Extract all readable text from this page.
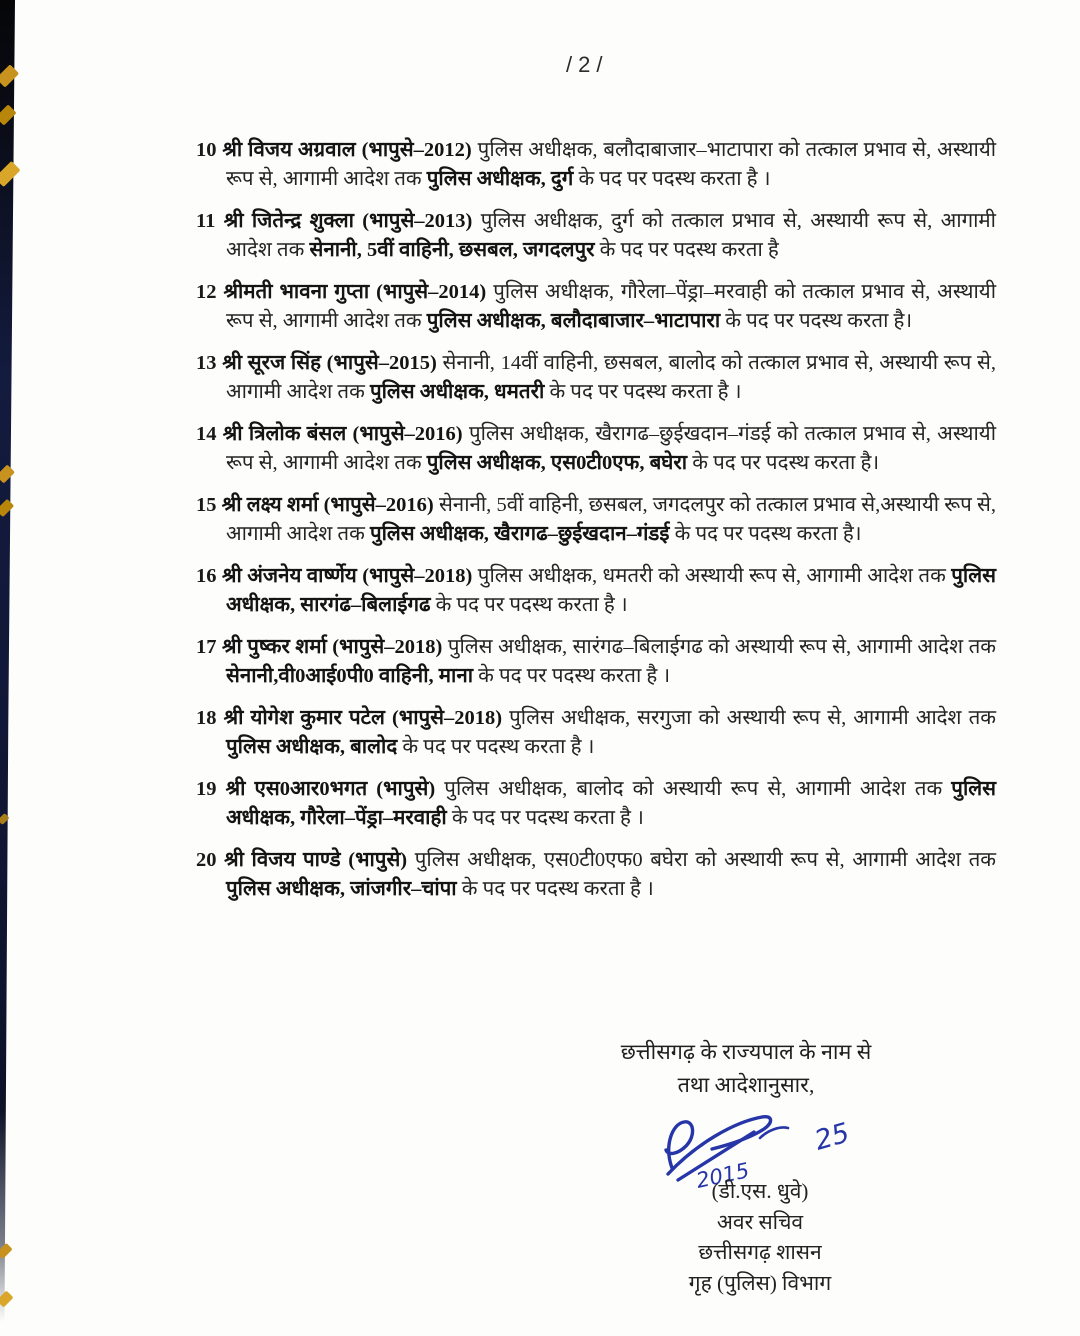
/2/

10 श्री विजय अग्रवाल (भापुसे–2012) पुलिस अधीक्षक, बलौदाबाजार–भाटापारा को तत्काल प्रभाव से, अस्थायी रूप से, आगामी आदेश तक पुलिस अधीक्षक, दुर्ग के पद पर पदस्थ करता है ।

11 श्री जितेन्द्र शुक्ला (भापुसे–2013) पुलिस अधीक्षक, दुर्ग को तत्काल प्रभाव से, अस्थायी रूप से, आगामी आदेश तक सेनानी, 5वीं वाहिनी, छसबल, जगदलपुर के पद पर पदस्थ करता है

12 श्रीमती भावना गुप्ता (भापुसे–2014) पुलिस अधीक्षक, गौरेला–पेंड्रा–मरवाही को तत्काल प्रभाव से, अस्थायी रूप से, आगामी आदेश तक पुलिस अधीक्षक, बलौदाबाजार–भाटापारा के पद पर पदस्थ करता है।

13 श्री सूरज सिंह (भापुसे–2015) सेनानी, 14वीं वाहिनी, छसबल, बालोद को तत्काल प्रभाव से, अस्थायी रूप से, आगामी आदेश तक पुलिस अधीक्षक, धमतरी के पद पर पदस्थ करता है ।

14 श्री त्रिलोक बंसल (भापुसे–2016) पुलिस अधीक्षक, खैरागढ–छुईखदान–गंडई को तत्काल प्रभाव से, अस्थायी रूप से, आगामी आदेश तक पुलिस अधीक्षक, एस0टी0एफ, बघेरा के पद पर पदस्थ करता है।

15 श्री लक्ष्य शर्मा (भापुसे–2016) सेनानी, 5वीं वाहिनी, छसबल, जगदलपुर को तत्काल प्रभाव से,अस्थायी रूप से, आगामी आदेश तक पुलिस अधीक्षक, खैरागढ–छुईखदान–गंडई के पद पर पदस्थ करता है।

16 श्री अंजनेय वार्ष्णेय (भापुसे–2018) पुलिस अधीक्षक, धमतरी को अस्थायी रूप से, आगामी आदेश तक पुलिस अधीक्षक, सारगंढ–बिलाईगढ के पद पर पदस्थ करता है ।

17 श्री पुष्कर शर्मा (भापुसे–2018) पुलिस अधीक्षक, सारंगढ–बिलाईगढ को अस्थायी रूप से, आगामी आदेश तक सेनानी,वी0आई0पी0 वाहिनी, माना के पद पर पदस्थ करता है ।

18 श्री योगेश कुमार पटेल (भापुसे–2018) पुलिस अधीक्षक, सरगुजा को अस्थायी रूप से, आगामी आदेश तक पुलिस अधीक्षक, बालोद के पद पर पदस्थ करता है ।

19 श्री एस0आर0भगत (भापुसे) पुलिस अधीक्षक, बालोद को अस्थायी रूप से, आगामी आदेश तक पुलिस अधीक्षक, गौरेला–पेंड्रा–मरवाही के पद पर पदस्थ करता है ।

20 श्री विजय पाण्डे (भापुसे) पुलिस अधीक्षक, एस0टी0एफ0 बघेरा को अस्थायी रूप से, आगामी आदेश तक पुलिस अधीक्षक, जांजगीर–चांपा के पद पर पदस्थ करता है ।

छत्तीसगढ़ के राज्यपाल के नाम से
तथा आदेशानुसार,
2015
25
(डी.एस. धुवे)
अवर सचिव
छत्तीसगढ़ शासन
गृह (पुलिस) विभाग
